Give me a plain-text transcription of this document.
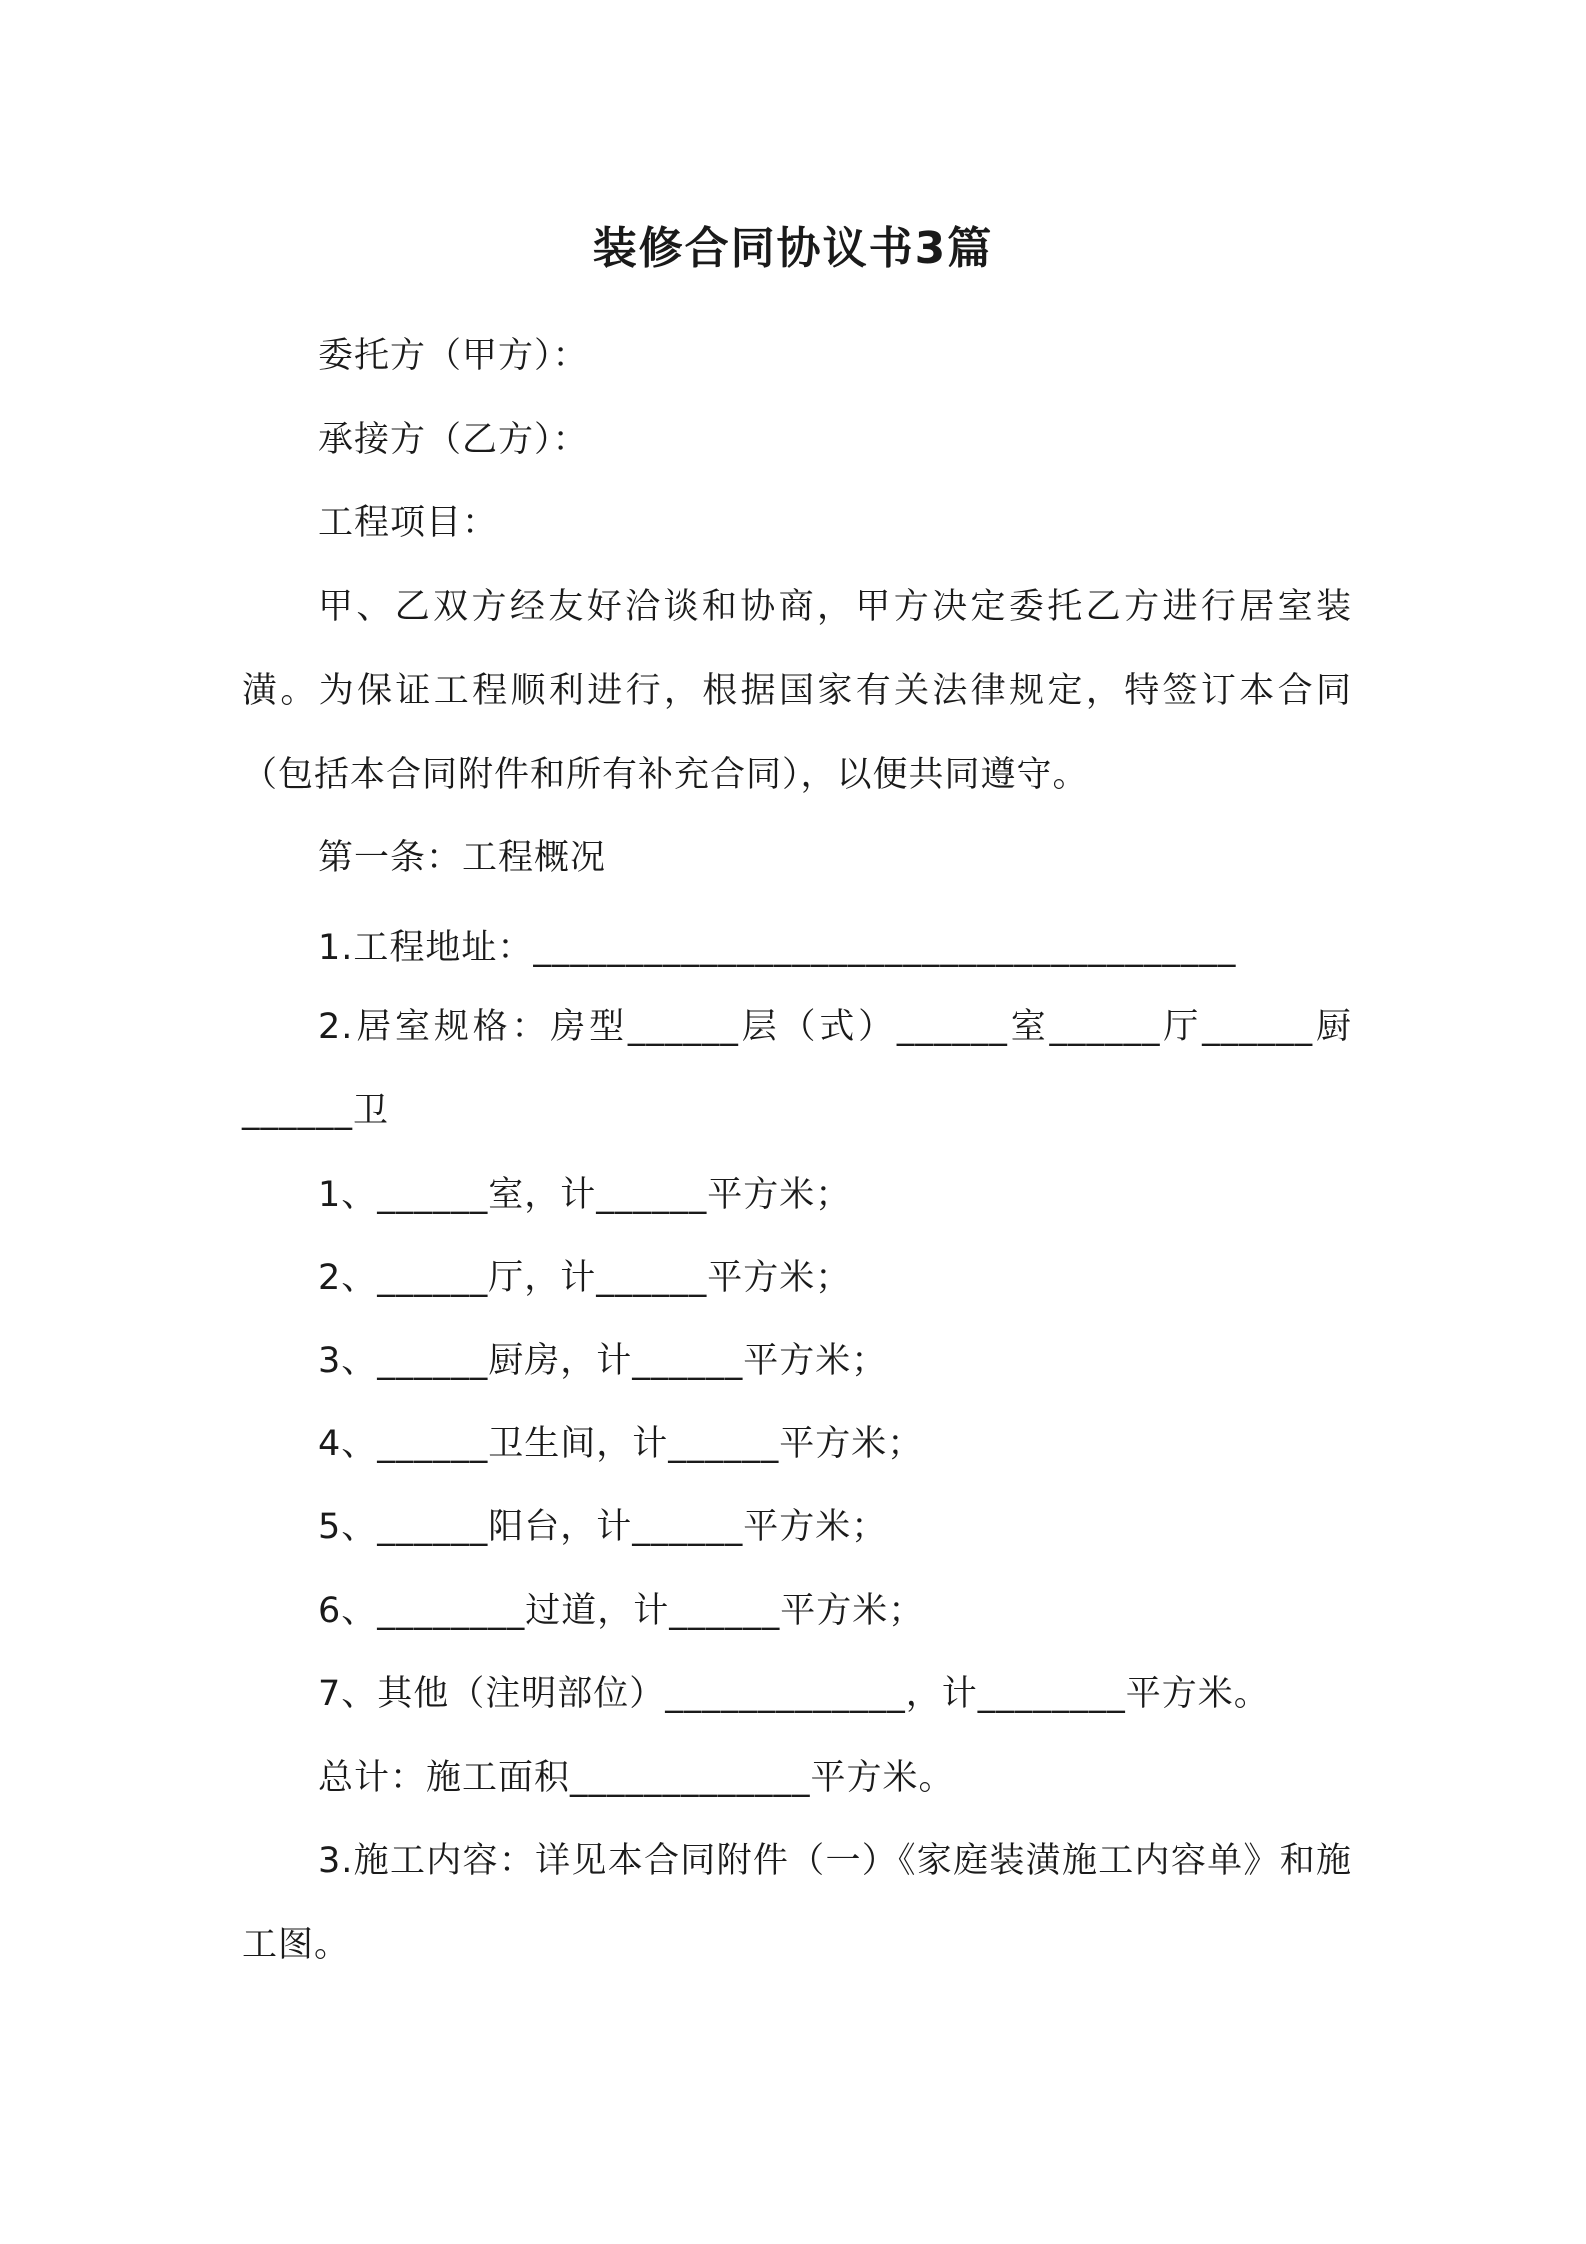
装修合同协议书3篇
委托方（甲方）：
承接方（乙方）：
工程项目：
甲、乙双方经友好洽谈和协商，甲方决定委托乙方进行居室装潢。为保证工程顺利进行，根据国家有关法律规定，特签订本合同（包括本合同附件和所有补充合同），以便共同遵守。
第一条：工程概况
1.工程地址：______________________________________
2.居室规格：房型______层（式）______室______厅______厨______卫
1、______室，计______平方米；
2、______厅，计______平方米；
3、______厨房，计______平方米；
4、______卫生间，计______平方米；
5、______阳台，计______平方米；
6、________过道，计______平方米；
7、其他（注明部位）_____________，计________平方米。
总计：施工面积_____________平方米。
3.施工内容：详见本合同附件（一）《家庭装潢施工内容单》和施工图。
